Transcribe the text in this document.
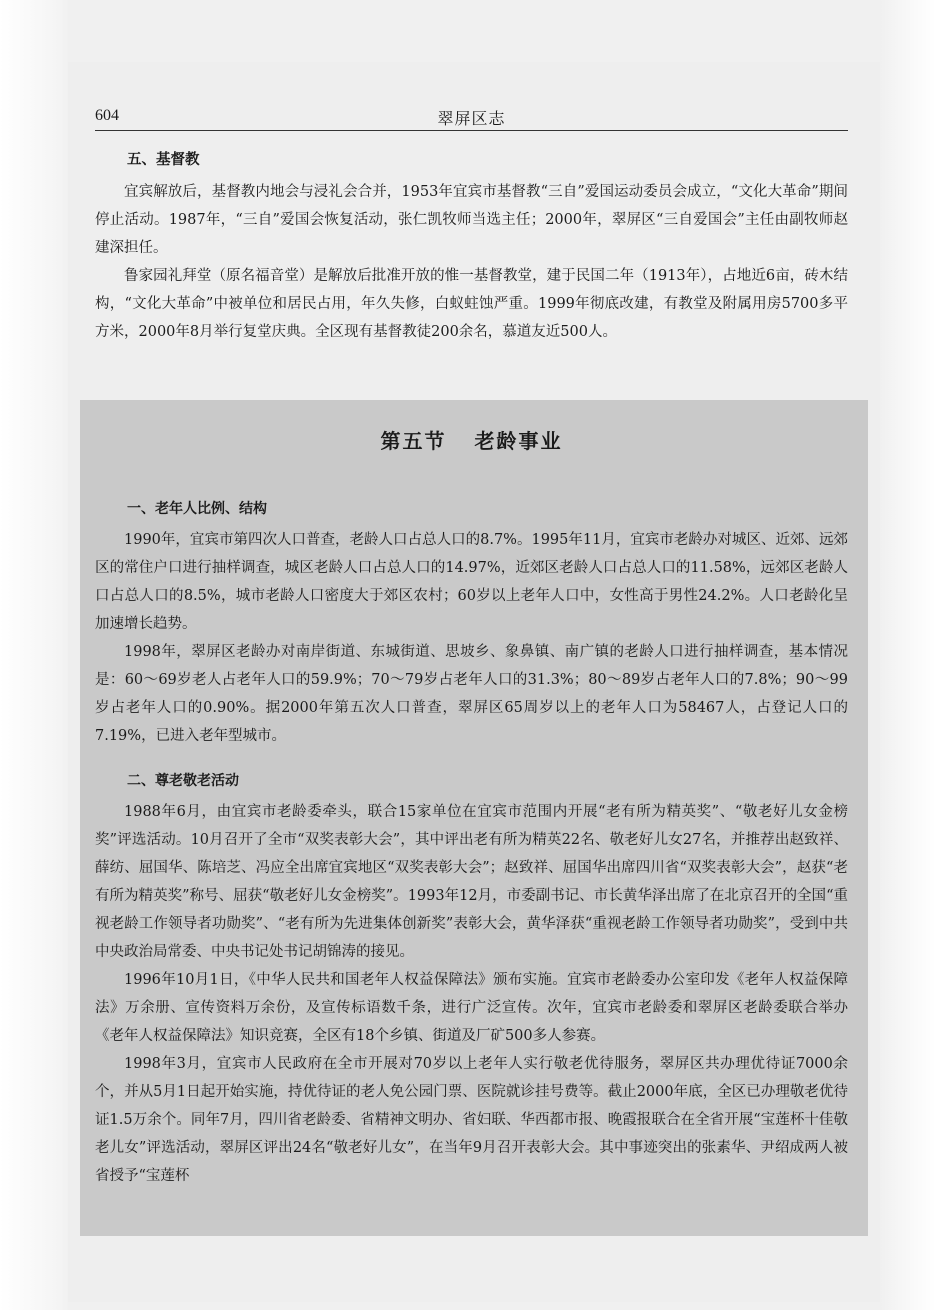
604	翠屏区志
五、基督教

宜宾解放后，基督教内地会与浸礼会合并，1953年宜宾市基督教“三自”爱国运动委员会成立，“文化大革命”期间停止活动。1987年，“三自”爱国会恢复活动，张仁凯牧师当选主任；2000年，翠屏区“三自爱国会”主任由副牧师赵建深担任。

鲁家园礼拜堂（原名福音堂）是解放后批准开放的惟一基督教堂，建于民国二年（1913年），占地近6亩，砖木结构，“文化大革命”中被单位和居民占用，年久失修，白蚁蛀蚀严重。1999年彻底改建，有教堂及附属用房5700多平方米，2000年8月举行复堂庆典。全区现有基督教徒200余名，慕道友近500人。

第五节 老龄事业
一、老年人比例、结构

1990年，宜宾市第四次人口普查，老龄人口占总人口的8.7%。1995年11月，宜宾市老龄办对城区、近郊、远郊区的常住户口进行抽样调查，城区老龄人口占总人口的14.97%，近郊区老龄人口占总人口的11.58%，远郊区老龄人口占总人口的8.5%，城市老龄人口密度大于郊区农村；60岁以上老年人口中，女性高于男性24.2%。人口老龄化呈加速增长趋势。

1998年，翠屏区老龄办对南岸街道、东城街道、思坡乡、象鼻镇、南广镇的老龄人口进行抽样调查，基本情况是：60～69岁老人占老年人口的59.9%；70～79岁占老年人口的31.3%；80～89岁占老年人口的7.8%；90～99岁占老年人口的0.90%。据2000年第五次人口普查，翠屏区65周岁以上的老年人口为58467人，占登记人口的7.19%，已进入老年型城市。

二、尊老敬老活动

1988年6月，由宜宾市老龄委牵头，联合15家单位在宜宾市范围内开展“老有所为精英奖”、“敬老好儿女金榜奖”评选活动。10月召开了全市“双奖表彰大会”，其中评出老有所为精英22名、敬老好儿女27名，并推荐出赵致祥、薛纺、屈国华、陈培芝、冯应全出席宜宾地区“双奖表彰大会”；赵致祥、屈国华出席四川省“双奖表彰大会”，赵获“老有所为精英奖”称号、屈获“敬老好儿女金榜奖”。1993年12月，市委副书记、市长黄华泽出席了在北京召开的全国“重视老龄工作领导者功勋奖”、“老有所为先进集体创新奖”表彰大会，黄华泽获“重视老龄工作领导者功勋奖”，受到中共中央政治局常委、中央书记处书记胡锦涛的接见。

1996年10月1日，《中华人民共和国老年人权益保障法》颁布实施。宜宾市老龄委办公室印发《老年人权益保障法》万余册、宣传资料万余份，及宣传标语数千条，进行广泛宣传。次年，宜宾市老龄委和翠屏区老龄委联合举办《老年人权益保障法》知识竞赛，全区有18个乡镇、街道及厂矿500多人参赛。

1998年3月，宜宾市人民政府在全市开展对70岁以上老年人实行敬老优待服务，翠屏区共办理优待证7000余个，并从5月1日起开始实施，持优待证的老人免公园门票、医院就诊挂号费等。截止2000年底，全区已办理敬老优待证1.5万余个。同年7月，四川省老龄委、省精神文明办、省妇联、华西都市报、晚霞报联合在全省开展“宝莲杯十佳敬老儿女”评选活动，翠屏区评出24名“敬老好儿女”，在当年9月召开表彰大会。其中事迹突出的张素华、尹绍成两人被省授予“宝莲杯
